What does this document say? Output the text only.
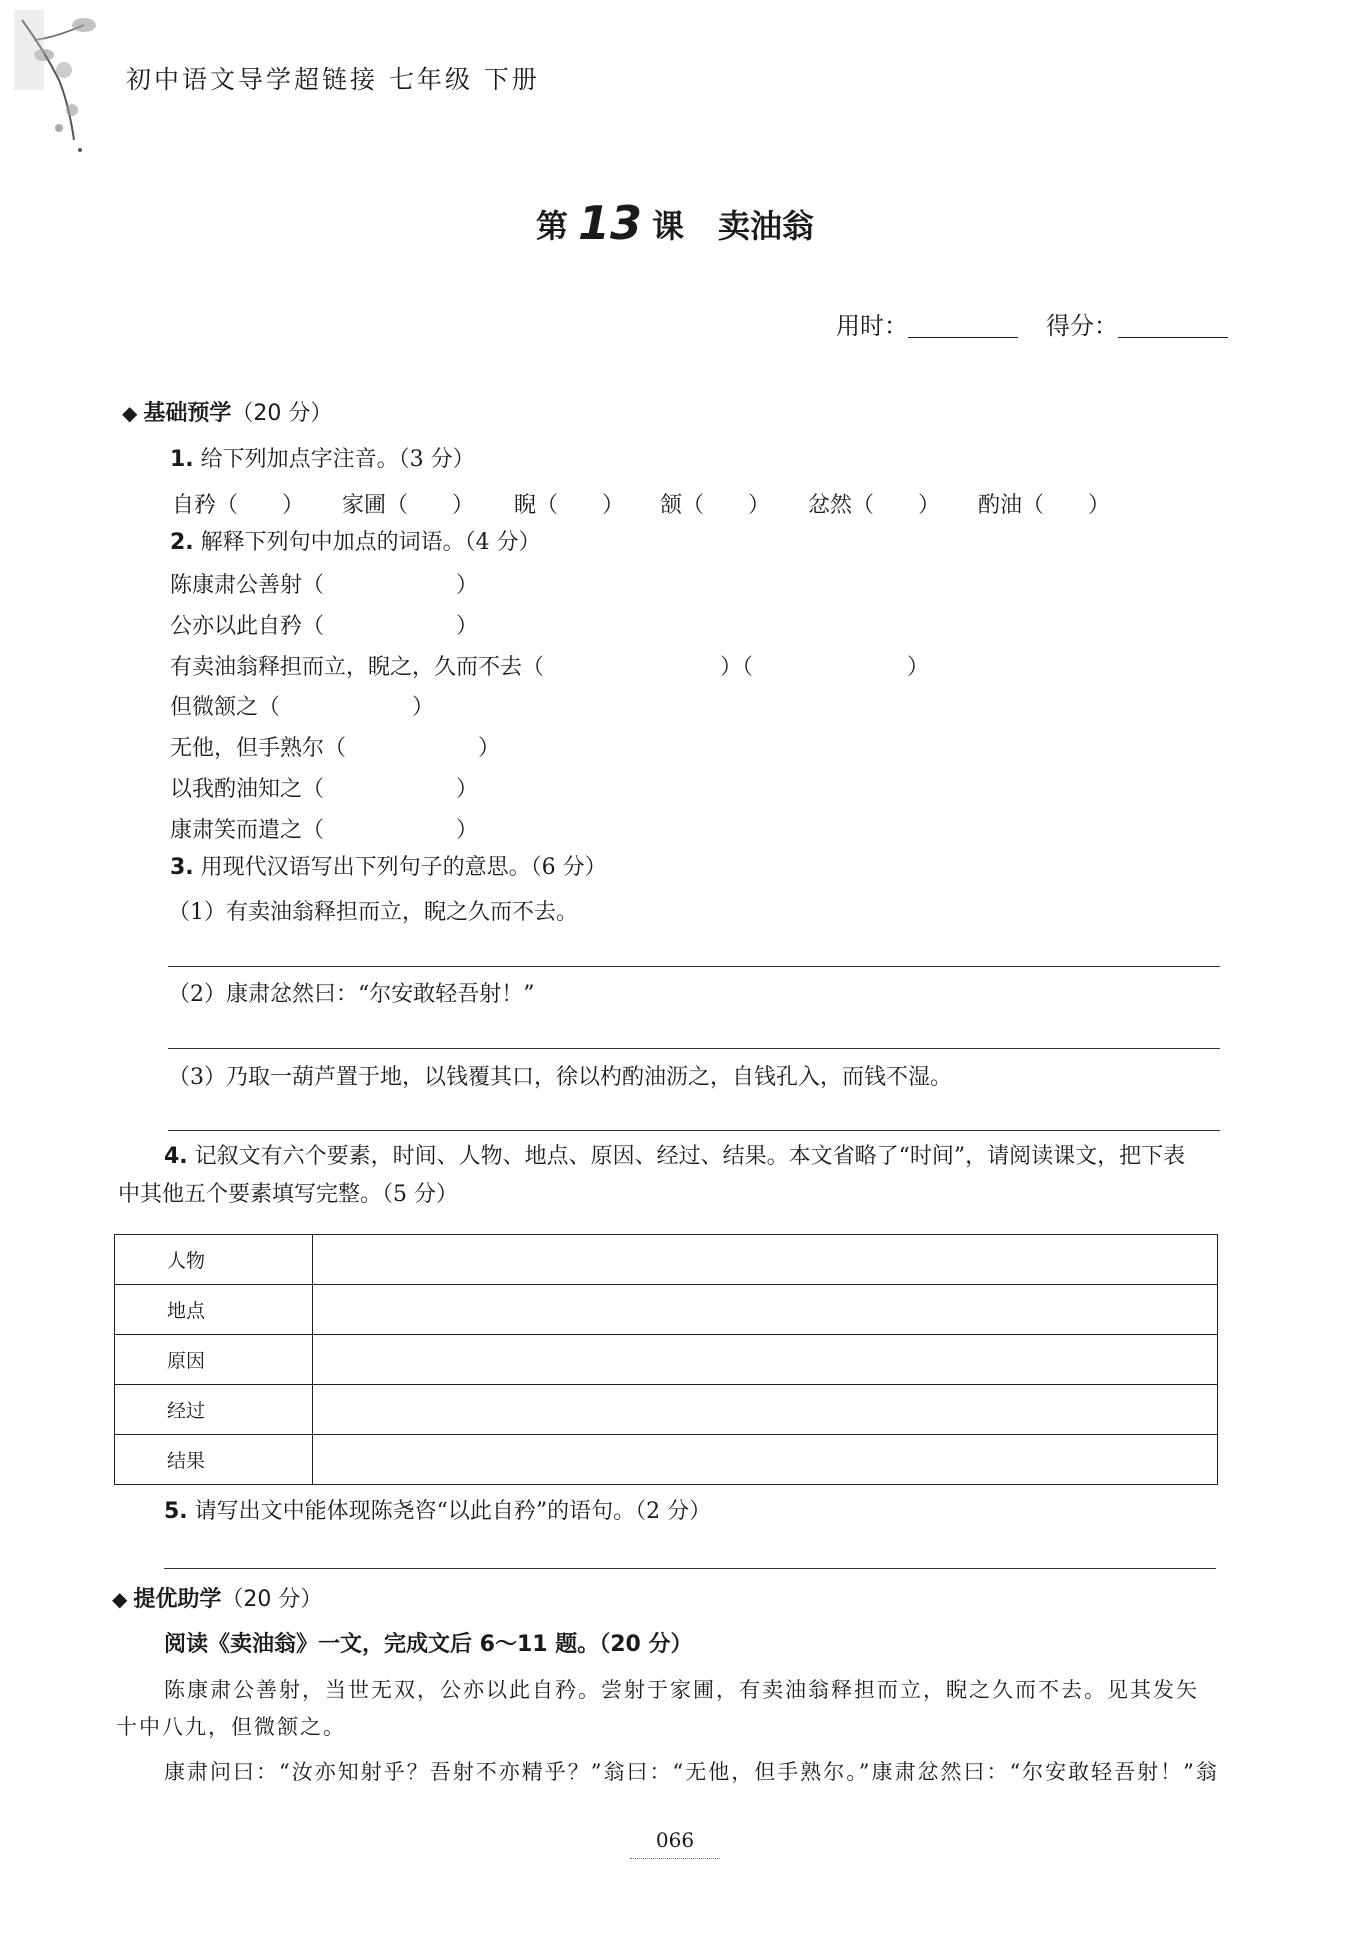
初中语文导学超链接 七年级 下册
第 13 课 卖油翁
用时：	得分：
◆ 基础预学（20 分）
1. 给下列加点字注音。（3 分）
自矜（　　） 家圃（　　） 睨（　　） 颔（　　） 忿然（　　） 酌油（　　）
2. 解释下列句中加点的词语。（4 分）
陈康肃公善射（　　　　　　）
公亦以此自矜（　　　　　　）
有卖油翁释担而立，睨之，久而不去（　　　　　　　　）（　　　　　　　）
但微颔之（　　　　　　）
无他，但手熟尔（　　　　　　）
以我酌油知之（　　　　　　）
康肃笑而遣之（　　　　　　）
3. 用现代汉语写出下列句子的意思。（6 分）
（1）有卖油翁释担而立，睨之久而不去。
（2）康肃忿然曰：“尔安敢轻吾射！”
（3）乃取一葫芦置于地，以钱覆其口，徐以杓酌油沥之，自钱孔入，而钱不湿。
4. 记叙文有六个要素，时间、人物、地点、原因、经过、结果。本文省略了“时间”，请阅读课文，把下表
中其他五个要素填写完整。（5 分）
人物	
地点	
原因	
经过	
结果	
5. 请写出文中能体现陈尧咨“以此自矜”的语句。（2 分）
◆ 提优助学（20 分）
阅读《卖油翁》一文，完成文后 6～11 题。（20 分）
陈康肃公善射，当世无双，公亦以此自矜。尝射于家圃，有卖油翁释担而立，睨之久而不去。见其发矢
十中八九，但微颔之。
康肃问曰：“汝亦知射乎？吾射不亦精乎？”翁曰：“无他，但手熟尔。”康肃忿然曰：“尔安敢轻吾射！”翁
066
